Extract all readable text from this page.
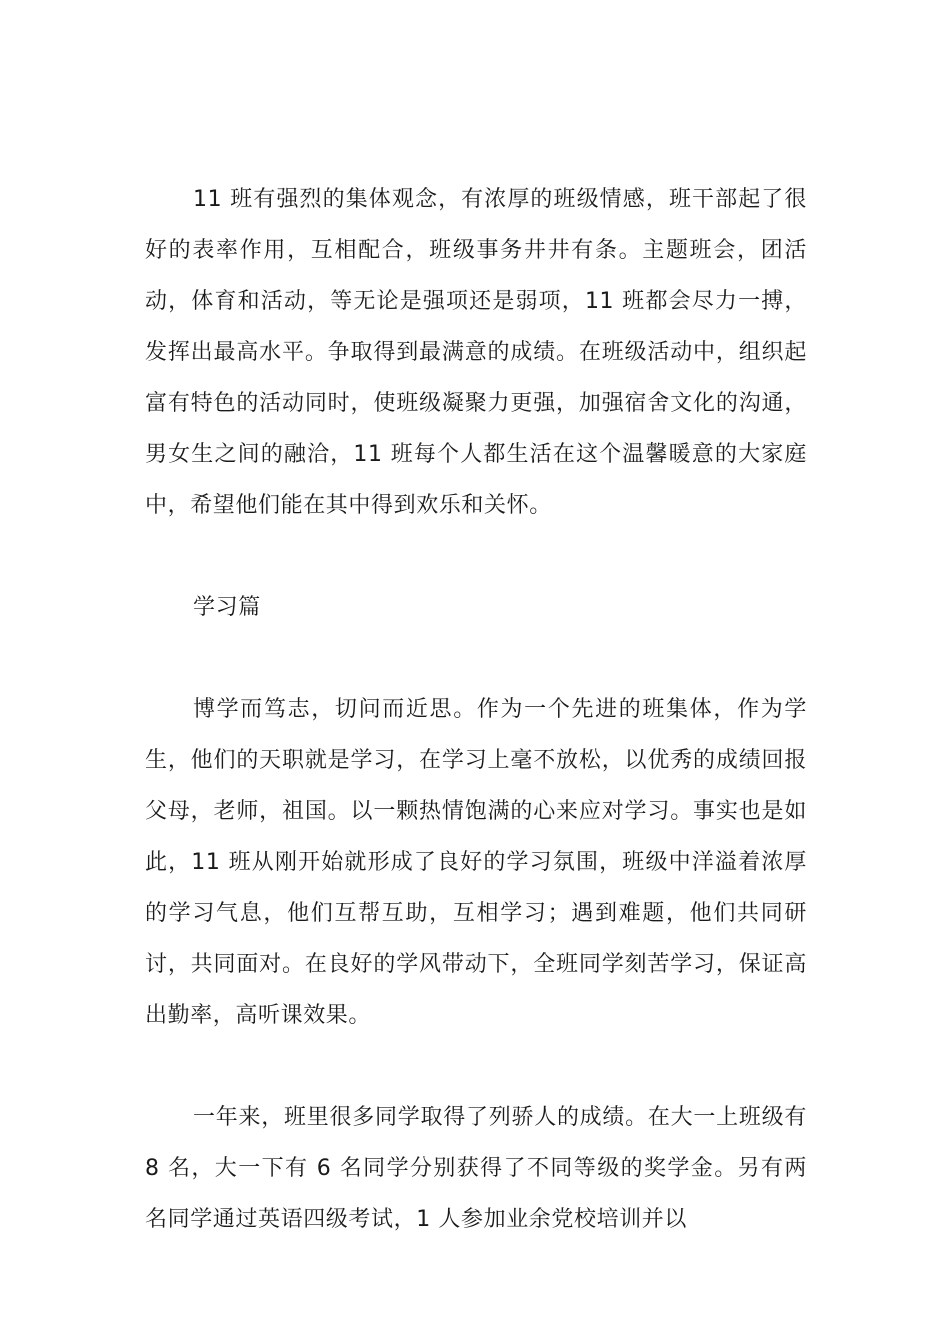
11 班有强烈的集体观念，有浓厚的班级情感，班干部起了很好的表率作用，互相配合，班级事务井井有条。主题班会，团活动，体育和活动，等无论是强项还是弱项，11 班都会尽力一搏，发挥出最高水平。争取得到最满意的成绩。在班级活动中，组织起富有特色的活动同时，使班级凝聚力更强，加强宿舍文化的沟通，男女生之间的融洽，11 班每个人都生活在这个温馨暖意的大家庭中，希望他们能在其中得到欢乐和关怀。

学习篇

博学而笃志，切问而近思。作为一个先进的班集体，作为学生，他们的天职就是学习，在学习上毫不放松，以优秀的成绩回报父母，老师，祖国。以一颗热情饱满的心来应对学习。事实也是如此，11 班从刚开始就形成了良好的学习氛围，班级中洋溢着浓厚的学习气息，他们互帮互助，互相学习；遇到难题，他们共同研讨，共同面对。在良好的学风带动下，全班同学刻苦学习，保证高出勤率，高听课效果。

一年来，班里很多同学取得了列骄人的成绩。在大一上班级有 8 名，大一下有 6 名同学分别获得了不同等级的奖学金。另有两名同学通过英语四级考试，1 人参加业余党校培训并以
